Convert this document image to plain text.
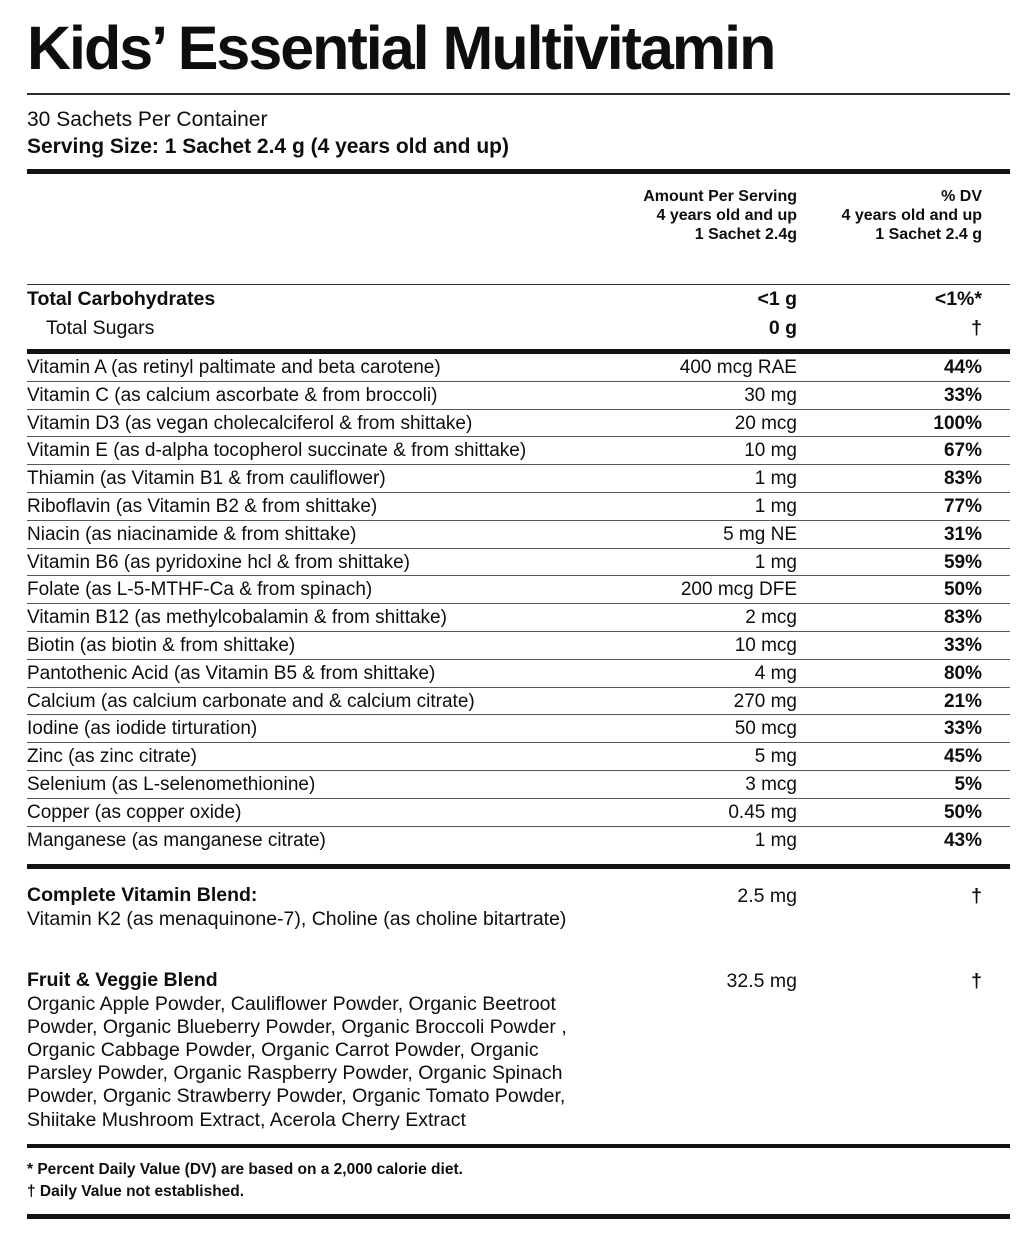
Kids’ Essential Multivitamin
30 Sachets Per Container
Serving Size: 1 Sachet 2.4 g (4 years old and up)
Amount Per Serving
4 years old and up
1 Sachet 2.4g
% DV
4 years old and up
1 Sachet 2.4 g
Total Carbohydrates	<1 g	<1%*
Total Sugars	0 g	†
Vitamin A (as retinyl paltimate and beta carotene)	400 mcg RAE	44%
Vitamin C (as calcium ascorbate & from broccoli)	30 mg	33%
Vitamin D3 (as vegan cholecalciferol & from shittake)	20 mcg	100%
Vitamin E (as d-alpha tocopherol succinate & from shittake)	10 mg	67%
Thiamin (as Vitamin B1 & from cauliflower)	1 mg	83%
Riboflavin (as Vitamin B2 & from shittake)	1 mg	77%
Niacin (as niacinamide & from shittake)	5 mg NE	31%
Vitamin B6 (as pyridoxine hcl & from shittake)	1 mg	59%
Folate (as L-5-MTHF-Ca & from spinach)	200 mcg DFE	50%
Vitamin B12 (as methylcobalamin & from shittake)	2 mcg	83%
Biotin (as biotin & from shittake)	10 mcg	33%
Pantothenic Acid (as Vitamin B5 & from shittake)	4 mg	80%
Calcium (as calcium carbonate and & calcium citrate)	270 mg	21%
Iodine (as iodide tirturation)	50 mcg	33%
Zinc (as zinc citrate)	5 mg	45%
Selenium (as L-selenomethionine)	3 mcg	5%
Copper (as copper oxide)	0.45 mg	50%
Manganese (as manganese citrate)	1 mg	43%
Complete Vitamin Blend:
Vitamin K2 (as menaquinone-7), Choline (as choline bitartrate)
2.5 mg	†
Fruit & Veggie Blend
Organic Apple Powder, Cauliflower Powder, Organic Beetroot Powder, Organic Blueberry Powder, Organic Broccoli Powder , Organic Cabbage Powder, Organic Carrot Powder, Organic Parsley Powder, Organic Raspberry Powder, Organic Spinach Powder, Organic Strawberry Powder, Organic Tomato Powder, Shiitake Mushroom Extract, Acerola Cherry Extract
32.5 mg	†
* Percent Daily Value (DV) are based on a 2,000 calorie diet.
† Daily Value not established.
